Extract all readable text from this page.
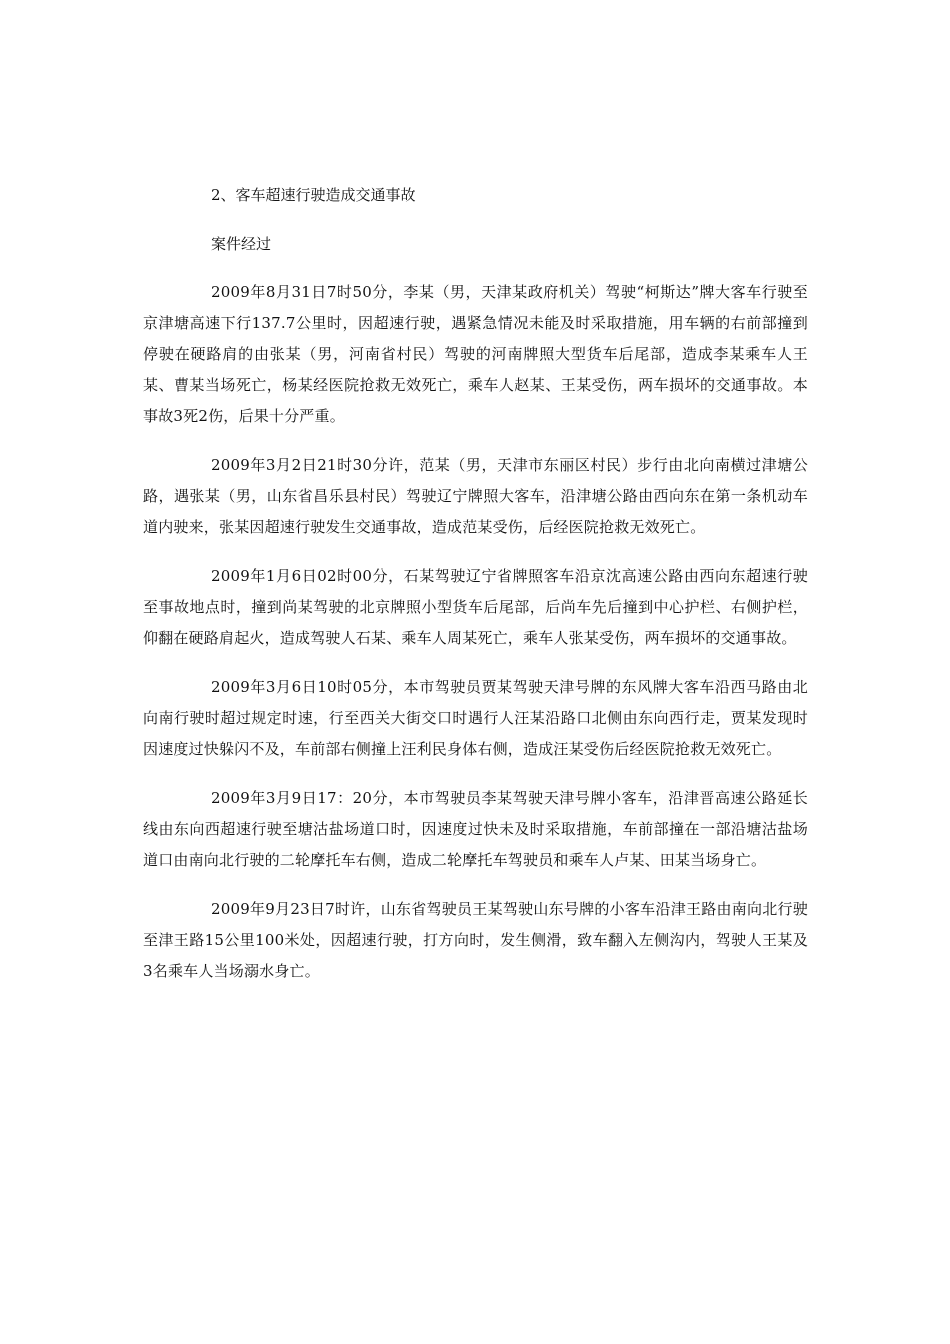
2、客车超速行驶造成交通事故

案件经过

2009年8月31日7时50分，李某（男，天津某政府机关）驾驶“柯斯达”牌大客车行驶至京津塘高速下行137.7公里时，因超速行驶，遇紧急情况未能及时采取措施，用车辆的右前部撞到停驶在硬路肩的由张某（男，河南省村民）驾驶的河南牌照大型货车后尾部，造成李某乘车人王某、曹某当场死亡，杨某经医院抢救无效死亡，乘车人赵某、王某受伤，两车损坏的交通事故。本事故3死2伤，后果十分严重。

2009年3月2日21时30分许，范某（男，天津市东丽区村民）步行由北向南横过津塘公路，遇张某（男，山东省昌乐县村民）驾驶辽宁牌照大客车，沿津塘公路由西向东在第一条机动车道内驶来，张某因超速行驶发生交通事故，造成范某受伤，后经医院抢救无效死亡。

2009年1月6日02时00分，石某驾驶辽宁省牌照客车沿京沈高速公路由西向东超速行驶至事故地点时，撞到尚某驾驶的北京牌照小型货车后尾部，后尚车先后撞到中心护栏、右侧护栏，仰翻在硬路肩起火，造成驾驶人石某、乘车人周某死亡，乘车人张某受伤，两车损坏的交通事故。

2009年3月6日10时05分，本市驾驶员贾某驾驶天津号牌的东风牌大客车沿西马路由北向南行驶时超过规定时速，行至西关大街交口时遇行人汪某沿路口北侧由东向西行走，贾某发现时因速度过快躲闪不及，车前部右侧撞上汪利民身体右侧，造成汪某受伤后经医院抢救无效死亡。

2009年3月9日17：20分，本市驾驶员李某驾驶天津号牌小客车，沿津晋高速公路延长线由东向西超速行驶至塘沽盐场道口时，因速度过快未及时采取措施，车前部撞在一部沿塘沽盐场道口由南向北行驶的二轮摩托车右侧，造成二轮摩托车驾驶员和乘车人卢某、田某当场身亡。

2009年9月23日7时许，山东省驾驶员王某驾驶山东号牌的小客车沿津王路由南向北行驶至津王路15公里100米处，因超速行驶，打方向时，发生侧滑，致车翻入左侧沟内，驾驶人王某及3名乘车人当场溺水身亡。
